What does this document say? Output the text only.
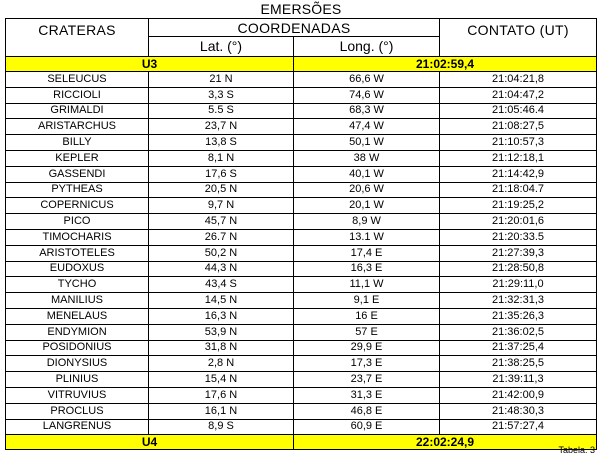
EMERSÕES
CRATERAS	COORDENADAS		CONTATO (UT)
	Lat. (°)	Long. (°)	
U3		21:02:59,4	
SELEUCUS	21 N	66,6 W	21:04:21,8
RICCIOLI	3,3 S	74,6 W	21:04:47,2
GRIMALDI	5.5 S	68,3 W	21:05:46.4
ARISTARCHUS	23,7 N	47,4 W	21:08:27,5
BILLY	13,8 S	50,1 W	21:10:57,3
KEPLER	8,1 N	38 W	21:12:18,1
GASSENDI	17,6 S	40,1 W	21:14:42,9
PYTHEAS	20,5 N	20,6 W	21:18:04.7
COPERNICUS	9,7 N	20,1 W	21:19:25,2
PICO	45,7 N	8,9 W	21:20:01,6
TIMOCHARIS	26.7 N	13.1 W	21:20:33.5
ARISTOTELES	50,2 N	17,4 E	21:27:39,3
EUDOXUS	44,3 N	16,3 E	21:28:50,8
TYCHO	43,4 S	11,1 W	21:29:11,0
MANILIUS	14,5 N	9,1 E	21:32:31,3
MENELAUS	16,3 N	16 E	21:35:26,3
ENDYMION	53,9 N	57 E	21:36:02,5
POSIDONIUS	31,8 N	29,9 E	21:37:25,4
DIONYSIUS	2,8 N	17,3 E	21:38:25,5
PLINIUS	15,4 N	23,7 E	21:39:11,3
VITRUVIUS	17,6 N	31,3 E	21:42:00,9
PROCLUS	16,1 N	46,8 E	21:48:30,3
LANGRENUS	8,9 S	60,9 E	21:57:27,4
U4		22:02:24,9	
Tabela. 3
